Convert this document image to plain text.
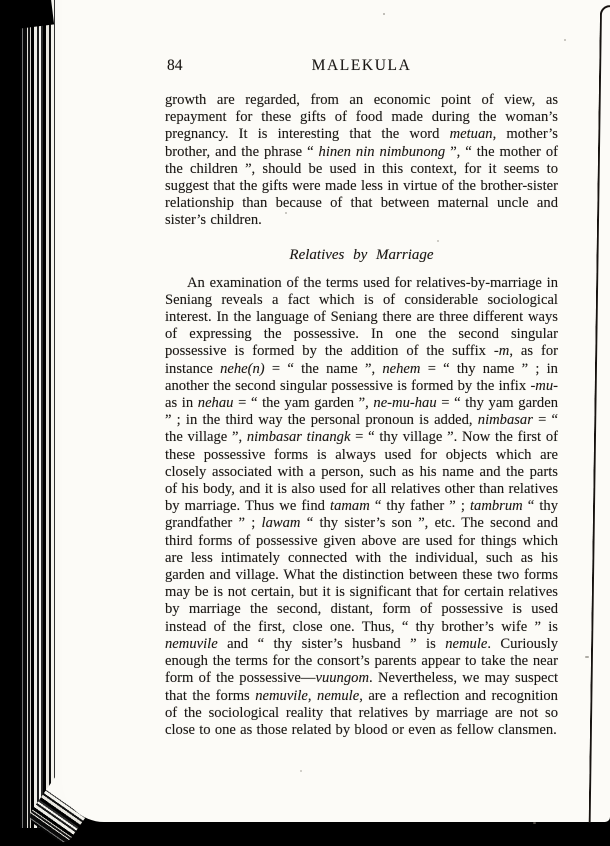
84	MALEKULA

growth are regarded, from an economic point of view, as repayment for these gifts of food made during the woman’s pregnancy. It is interesting that the word metuan, mother’s brother, and the phrase “ hinen nin nimbunong ”, “ the mother of the children ”, should be used in this context, for it seems to suggest that the gifts were made less in virtue of the brother-sister relationship than because of that between maternal uncle and sister’s children.

Relatives by Marriage

An examination of the terms used for relatives-by-marriage in Seniang reveals a fact which is of considerable sociological interest. In the language of Seniang there are three different ways of expressing the possessive. In one the second singular possessive is formed by the addition of the suffix -m, as for instance nehe(n) = “ the name ”, nehem = “ thy name ” ; in another the second singular possessive is formed by the infix -mu- as in nehau = “ the yam garden ”, ne-mu-hau = “ thy yam garden ” ; in the third way the personal pronoun is added, nimbasar = “ the village ”, nimbasar tinangk = “ thy village ”. Now the first of these possessive forms is always used for objects which are closely associated with a person, such as his name and the parts of his body, and it is also used for all relatives other than relatives by marriage. Thus we find tamam “ thy father ” ; tambrum “ thy grandfather ” ; lawam “ thy sister’s son ”, etc. The second and third forms of possessive given above are used for things which are less intimately connected with the individual, such as his garden and village. What the distinction between these two forms may be is not certain, but it is significant that for certain relatives by marriage the second, distant, form of possessive is used instead of the first, close one. Thus, “ thy brother’s wife ” is nemuvile and “ thy sister’s husband ” is nemule. Curiously enough the terms for the consort’s parents appear to take the near form of the possessive—vuungom. Nevertheless, we may suspect that the forms nemuvile, nemule, are a reflection and recognition of the sociological reality that relatives by marriage are not so close to one as those related by blood or even as fellow clansmen.
